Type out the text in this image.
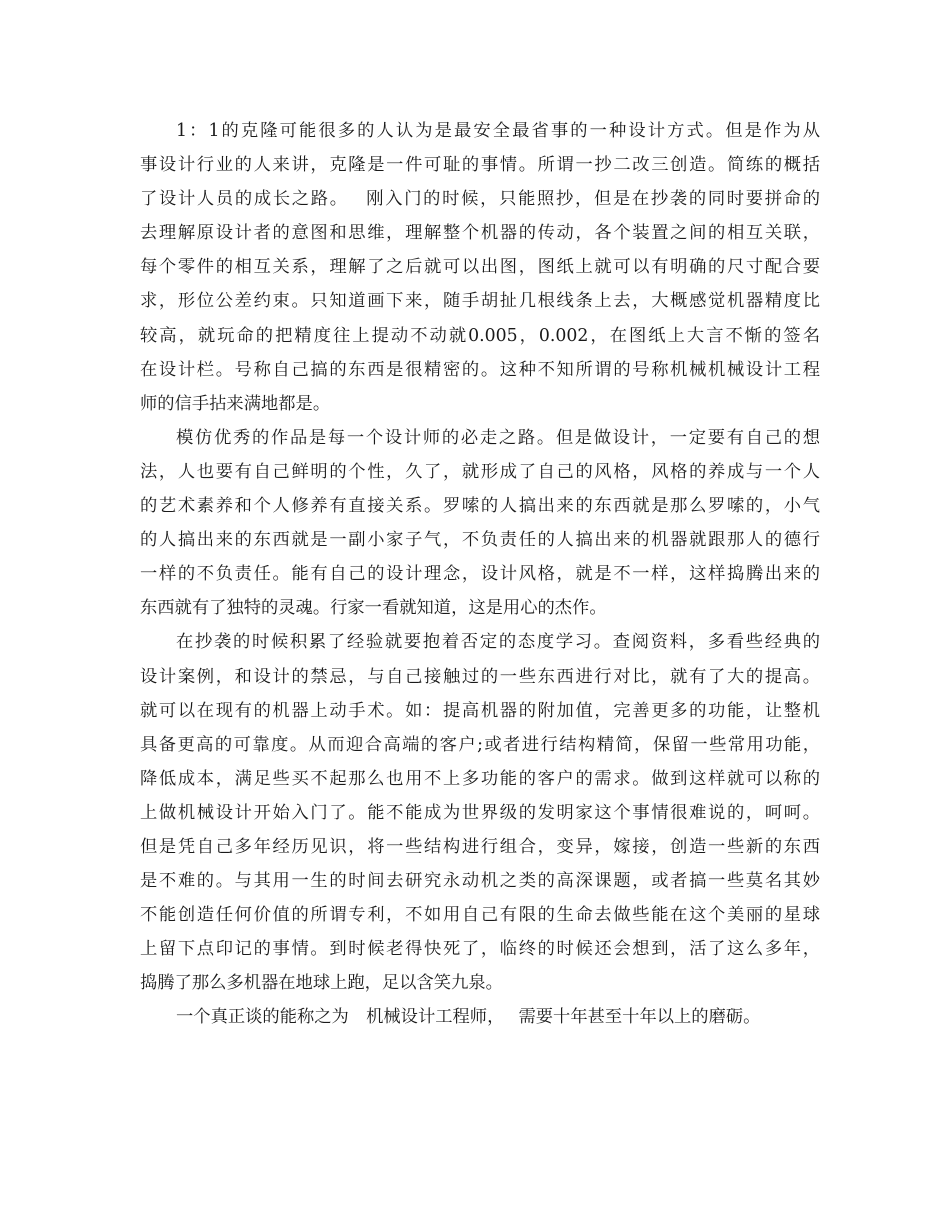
1：1的克隆可能很多的人认为是最安全最省事的一种设计方式。但是作为从
事设计行业的人来讲，克隆是一件可耻的事情。所谓一抄二改三创造。简练的概括
了设计人员的成长之路。　 刚入门的时候，只能照抄，但是在抄袭的同时要拼命的
去理解原设计者的意图和思维，理解整个机器的传动，各个装置之间的相互关联，
每个零件的相互关系，理解了之后就可以出图，图纸上就可以有明确的尺寸配合要
求，形位公差约束。只知道画下来，随手胡扯几根线条上去，大概感觉机器精度比
较高，就玩命的把精度往上提动不动就0.005，0.002，在图纸上大言不惭的签名
在设计栏。号称自己搞的东西是很精密的。这种不知所谓的号称机械机械设计工程
师的信手拈来满地都是。
模仿优秀的作品是每一个设计师的必走之路。但是做设计，一定要有自己的想
法，人也要有自己鲜明的个性，久了，就形成了自己的风格，风格的养成与一个人
的艺术素养和个人修养有直接关系。罗嗦的人搞出来的东西就是那么罗嗦的，小气
的人搞出来的东西就是一副小家子气，不负责任的人搞出来的机器就跟那人的德行
一样的不负责任。能有自己的设计理念，设计风格，就是不一样，这样捣腾出来的
东西就有了独特的灵魂。行家一看就知道，这是用心的杰作。
在抄袭的时候积累了经验就要抱着否定的态度学习。查阅资料，多看些经典的
设计案例，和设计的禁忌，与自己接触过的一些东西进行对比，就有了大的提高。
就可以在现有的机器上动手术。如：提高机器的附加值，完善更多的功能，让整机
具备更高的可靠度。从而迎合高端的客户;或者进行结构精简，保留一些常用功能，
降低成本，满足些买不起那么也用不上多功能的客户的需求。做到这样就可以称的
上做机械设计开始入门了。能不能成为世界级的发明家这个事情很难说的，呵呵。
但是凭自己多年经历见识，将一些结构进行组合，变异，嫁接，创造一些新的东西
是不难的。与其用一生的时间去研究永动机之类的高深课题，或者搞一些莫名其妙
不能创造任何价值的所谓专利，不如用自己有限的生命去做些能在这个美丽的星球
上留下点印记的事情。到时候老得快死了，临终的时候还会想到，活了这么多年，
捣腾了那么多机器在地球上跑，足以含笑九泉。
一个真正谈的能称之为　机械设计工程师，　 需要十年甚至十年以上的磨砺。
